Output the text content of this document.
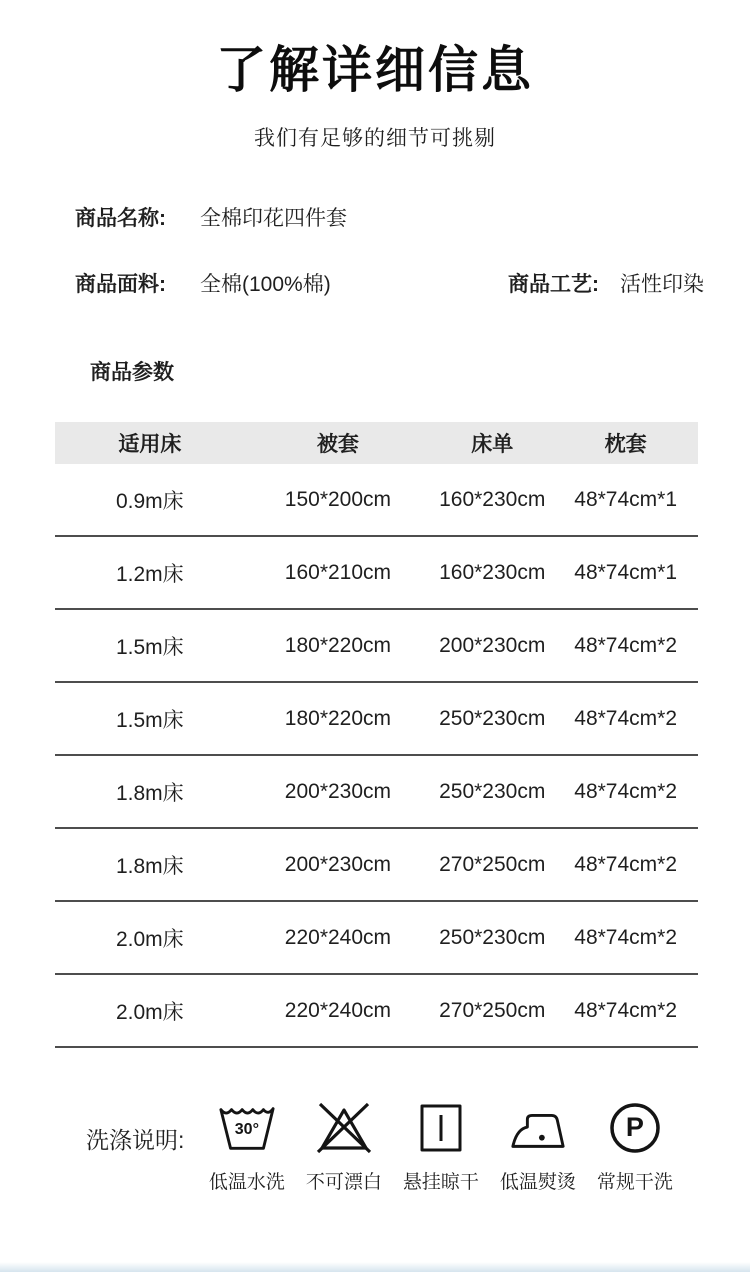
了解详细信息
我们有足够的细节可挑剔
商品名称:	全棉印花四件套
商品面料:	全棉(100%棉)	商品工艺:	活性印染
商品参数
适用床	被套	床单	枕套
0.9m床	150*200cm	160*230cm	48*74cm*1
1.2m床	160*210cm	160*230cm	48*74cm*1
1.5m床	180*220cm	200*230cm	48*74cm*2
1.5m床	180*220cm	250*230cm	48*74cm*2
1.8m床	200*230cm	250*230cm	48*74cm*2
1.8m床	200*230cm	270*250cm	48*74cm*2
2.0m床	220*240cm	250*230cm	48*74cm*2
2.0m床	220*240cm	270*250cm	48*74cm*2
洗涤说明:	30°
低温水洗 不可漂白 悬挂晾干 低温熨烫
P
常规干洗
